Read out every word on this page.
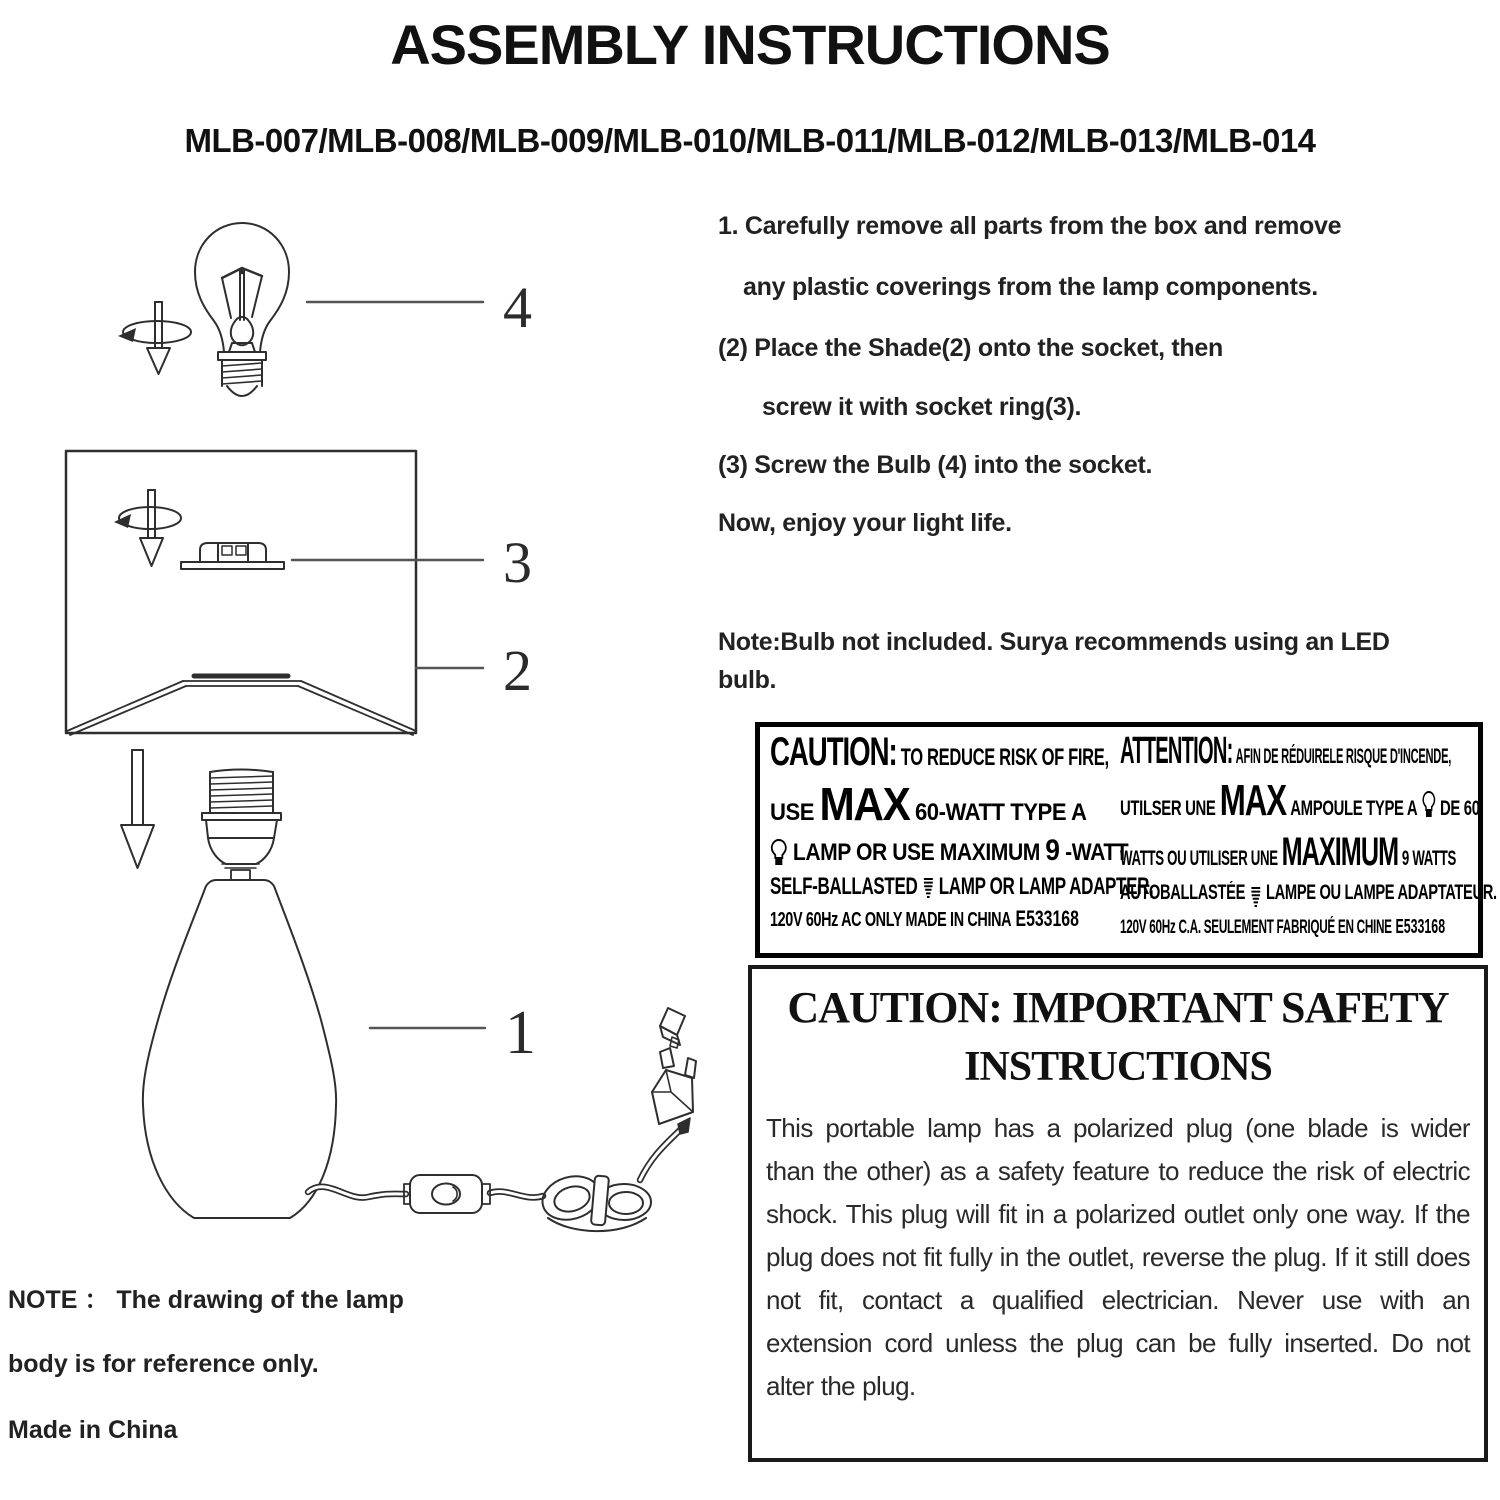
ASSEMBLY INSTRUCTIONS
MLB-007/MLB-008/MLB-009/MLB-010/MLB-011/MLB-012/MLB-013/MLB-014
4
3
2
1
1. Carefully remove all parts from the box and remove
any plastic coverings from the lamp components.
(2) Place the Shade(2) onto the socket, then
screw it with socket ring(3).
(3) Screw the Bulb (4) into the socket.
Now, enjoy your light life.
Note:Bulb not included. Surya recommends using an LED
bulb.
CAUTION: TO REDUCE RISK OF FIRE,
USE MAX 60-WATT TYPE A
LAMP OR USE MAXIMUM 9 -WATT
SELF-BALLASTED LAMP OR LAMP ADAPTER,
120V 60Hz AC ONLY MADE IN CHINA E533168
ATTENTION: AFIN DE RÉDUIRELE RISQUE D'INCENDE,
UTILSER UNE MAX AMPOULE TYPE A DE 60
WATTS OU UTILISER UNE MAXIMUM 9 WATTS
AUTOBALLASTÉE LAMPE OU LAMPE ADAPTATEUR.
120V 60Hz C.A. SEULEMENT FABRIQUÉ EN CHINE E533168
CAUTION: IMPORTANT SAFETY
INSTRUCTIONS
This portable lamp has a polarized plug (one blade is wider than the other) as a safety feature to reduce the risk of electric shock. This plug will fit in a polarized outlet only one way. If the plug does not fit fully in the outlet, reverse the plug. If it still does not fit, contact a qualified electrician. Never use with an extension cord unless the plug can be fully inserted. Do not alter the plug.
NOTE ： The drawing of the lamp
body is for reference only.
Made in China
